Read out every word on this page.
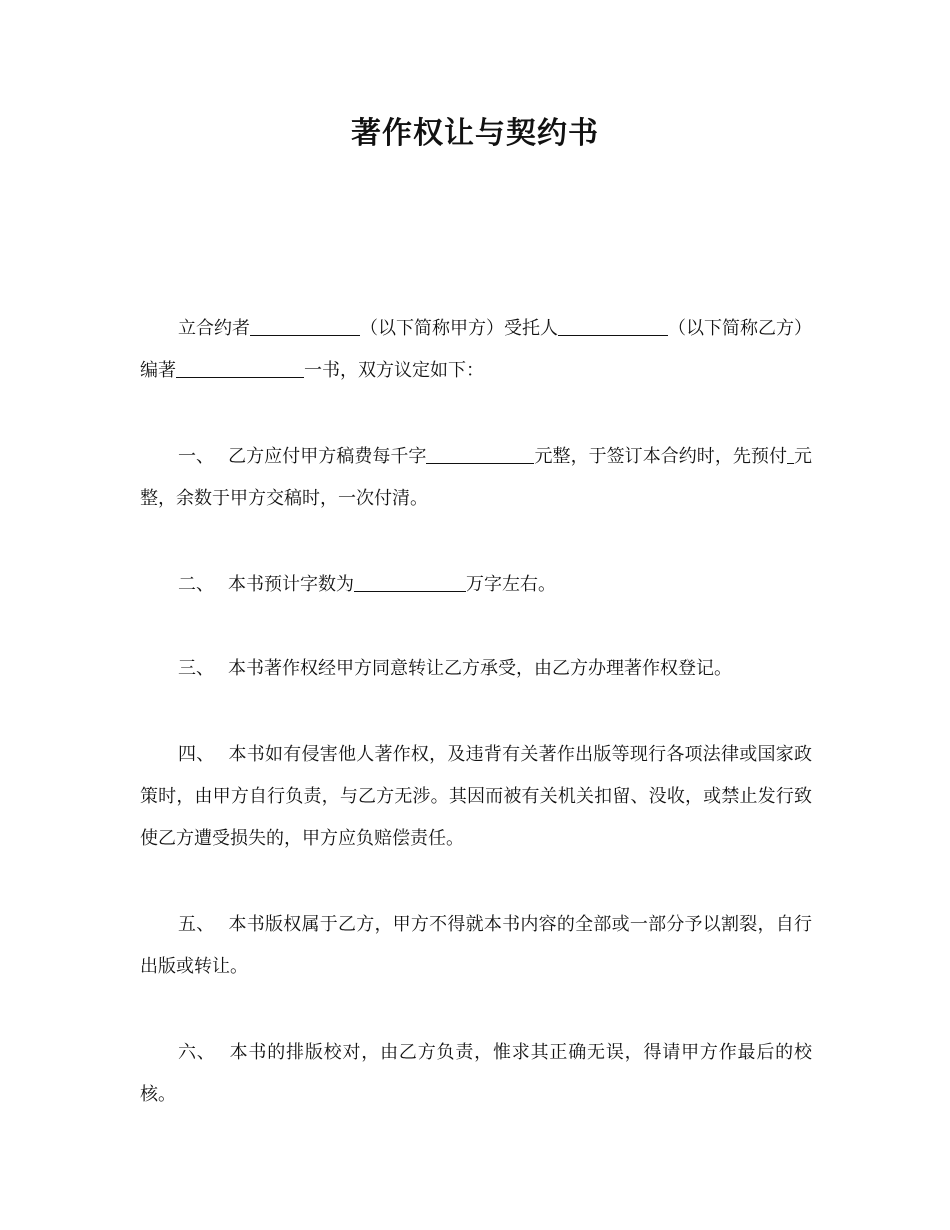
著作权让与契约书

立合约者	（以下简称甲方）受托人	（以下简称乙方）编著	一书，双方议定如下：

一、 乙方应付甲方稿费每千字	元整，于签订本合约时，先预付 元整，余数于甲方交稿时，一次付清。

二、 本书预计字数为	万字左右。

三、 本书著作权经甲方同意转让乙方承受，由乙方办理著作权登记。

四、 本书如有侵害他人著作权，及违背有关著作出版等现行各项法律或国家政策时，由甲方自行负责，与乙方无涉。其因而被有关机关扣留、没收，或禁止发行致使乙方遭受损失的，甲方应负赔偿责任。

五、 本书版权属于乙方，甲方不得就本书内容的全部或一部分予以割裂，自行出版或转让。

六、 本书的排版校对，由乙方负责，惟求其正确无误，得请甲方作最后的校核。
